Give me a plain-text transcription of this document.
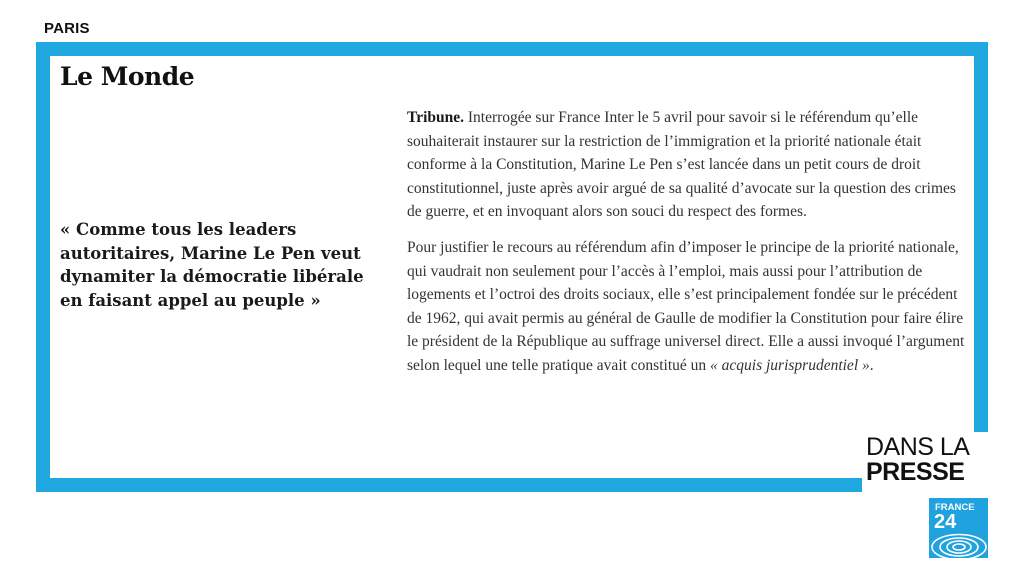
PARIS
Le Monde
« Comme tous les leaders autoritaires, Marine Le Pen veut dynamiter la démocratie libérale en faisant appel au peuple »

Tribune. Interrogée sur France Inter le 5 avril pour savoir si le référendum qu’elle souhaiterait instaurer sur la restriction de l’immigration et la priorité nationale était conforme à la Constitution, Marine Le Pen s’est lancée dans un petit cours de droit constitutionnel, juste après avoir argué de sa qualité d’avocate sur la question des crimes de guerre, et en invoquant alors son souci du respect des formes.

Pour justifier le recours au référendum afin d’imposer le principe de la priorité nationale, qui vaudrait non seulement pour l’accès à l’emploi, mais aussi pour l’attribution de logements et l’octroi des droits sociaux, elle s’est principalement fondée sur le précédent de 1962, qui avait permis au général de Gaulle de modifier la Constitution pour faire élire le président de la République au suffrage universel direct. Elle a aussi invoqué l’argument selon lequel une telle pratique avait constitué un « acquis jurisprudentiel ».

DANS LA
PRESSE
FRANCE
24
